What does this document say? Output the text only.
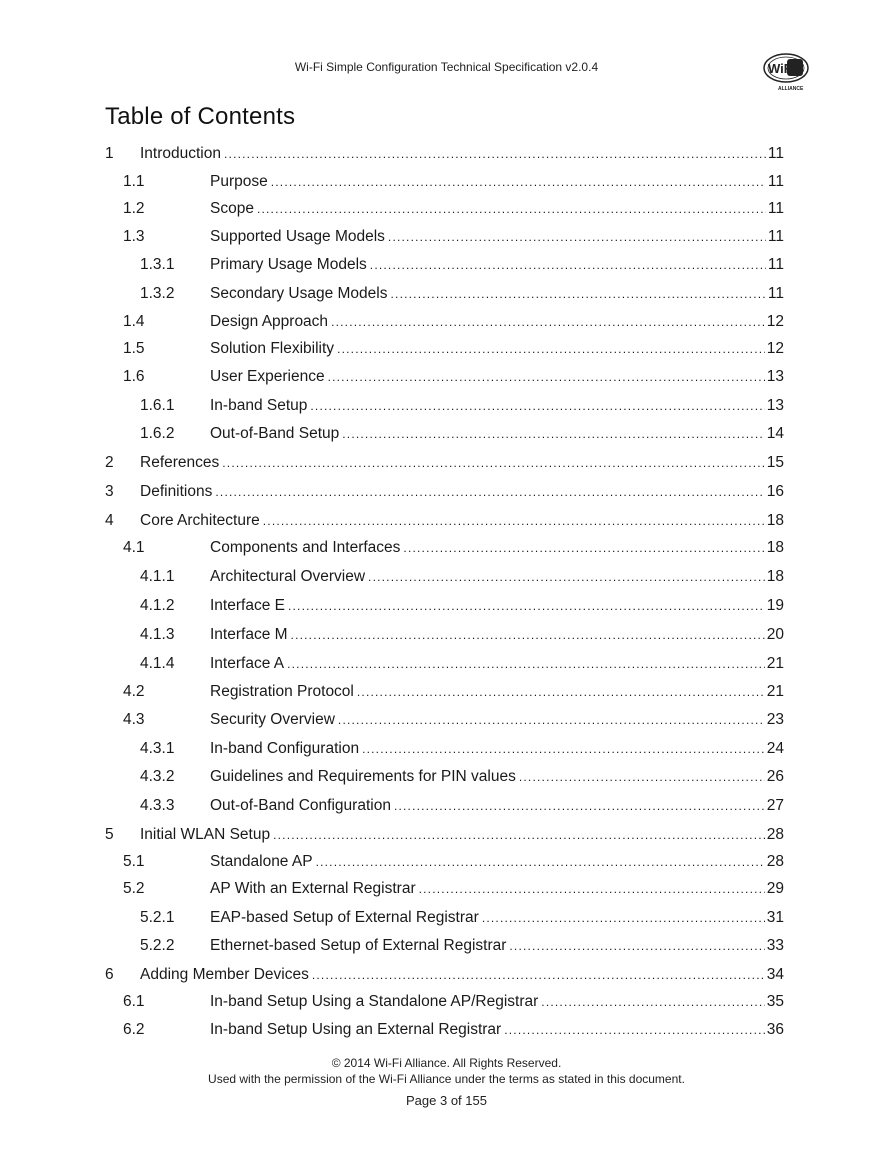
Wi-Fi Simple Configuration Technical Specification v2.0.4	WiFi
ALLIANCE
Table of Contents
1 Introduction .....	11
1.1	Purpose .....	11
1.2	Scope .....	11
1.3	Supported Usage Models .....	11
1.3.1 Primary Usage Models .....	11
1.3.2 Secondary Usage Models .....	11
1.4	Design Approach .....	12
1.5	Solution Flexibility .....	12
1.6	User Experience .....	13
1.6.1 In-band Setup .....	13
1.6.2 Out-of-Band Setup .....	14
2 References .....	15
3 Definitions .....	16
4 Core Architecture .....	18
4.1	Components and Interfaces .....	18
4.1.1 Architectural Overview .....	18
4.1.2 Interface E .....	19
4.1.3 Interface M .....	20
4.1.4 Interface A .....	21
4.2	Registration Protocol .....	21
4.3	Security Overview .....	23
4.3.1 In-band Configuration .....	24
4.3.2 Guidelines and Requirements for PIN values .....	26
4.3.3 Out-of-Band Configuration .....	27
5 Initial WLAN Setup .....	28
5.1	Standalone AP .....	28
5.2	AP With an External Registrar .....	29
5.2.1 EAP-based Setup of External Registrar .....	31
5.2.2 Ethernet-based Setup of External Registrar .....	33
6 Adding Member Devices .....	34
6.1	In-band Setup Using a Standalone AP/Registrar .....	35
6.2	In-band Setup Using an External Registrar .....	36
© 2014 Wi-Fi Alliance. All Rights Reserved.
Used with the permission of the Wi-Fi Alliance under the terms as stated in this document.
Page 3 of 155
